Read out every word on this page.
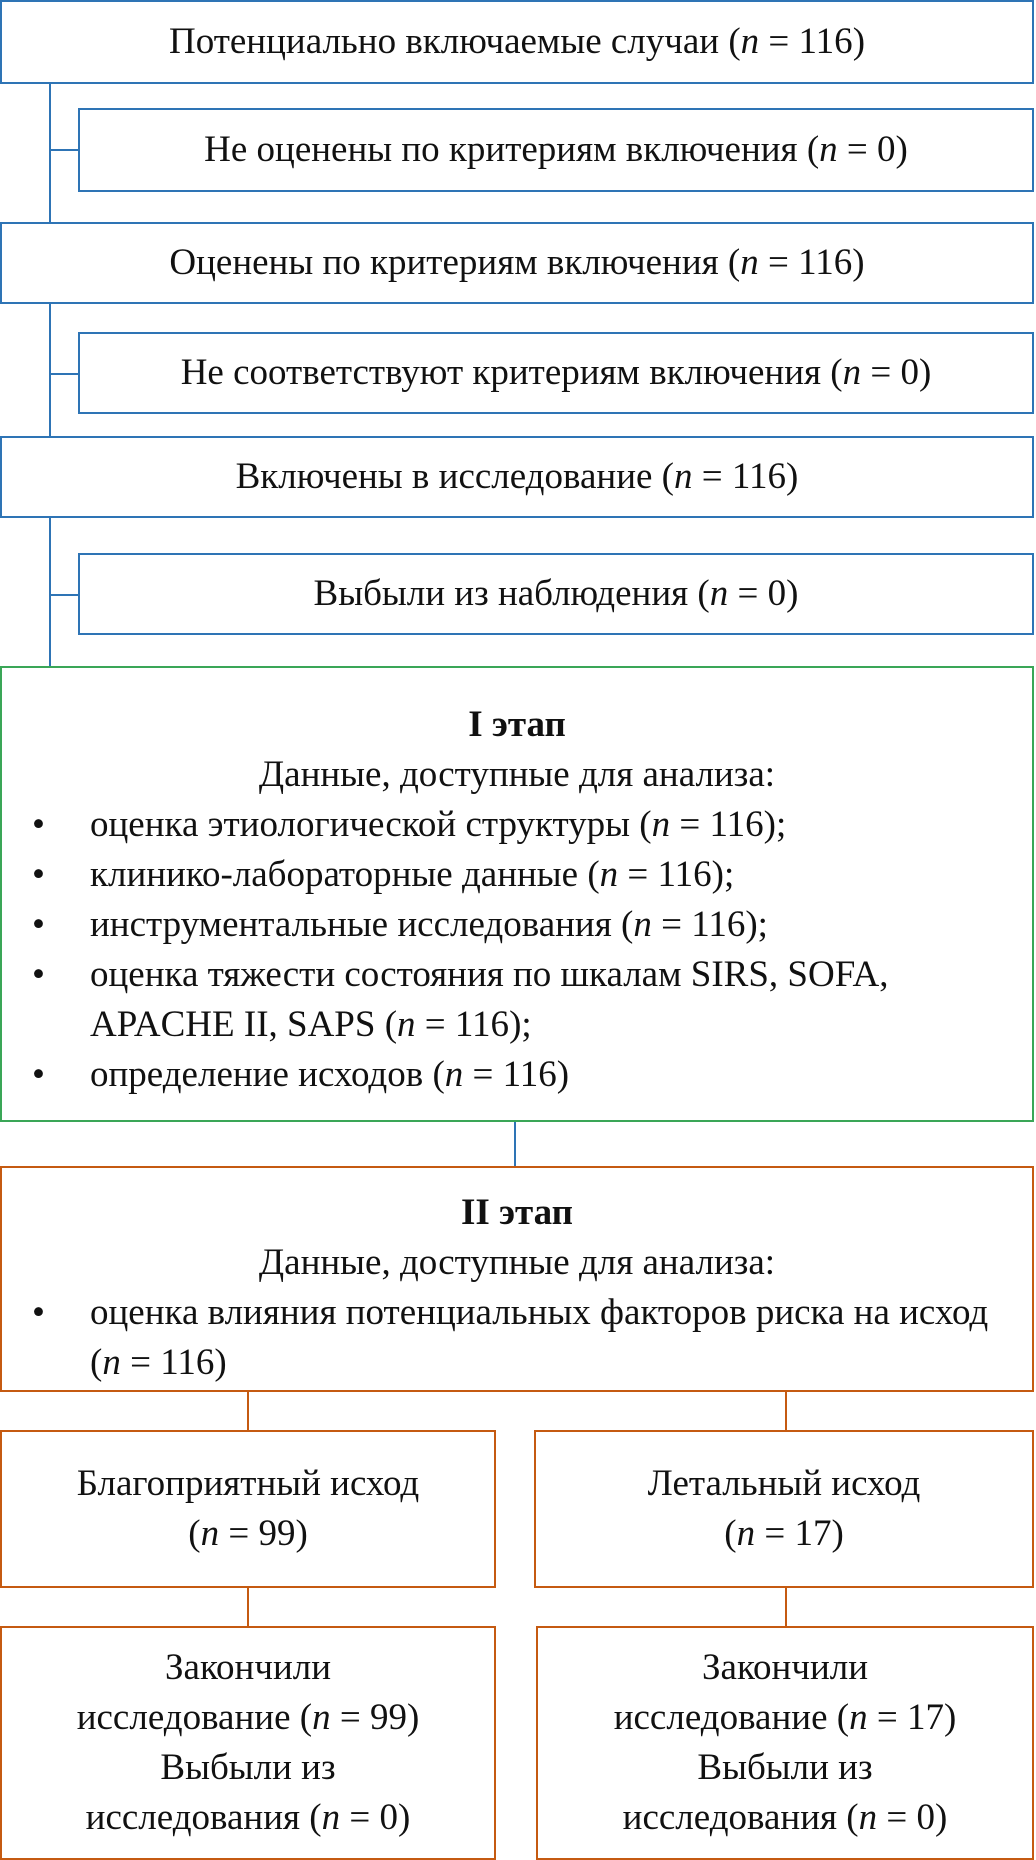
Потенциально включаемые случаи (n = 116)
Не оценены по критериям включения (n = 0)
Оценены по критериям включения (n = 116)
Не соответствуют критериям включения (n = 0)
Включены в исследование (n = 116)
Выбыли из наблюдения (n = 0)
I этап
Данные, доступные для анализа:
• оценка этиологической структуры (n = 116);
• клинико-лабораторные данные (n = 116);
• инструментальные исследования (n = 116);
• оценка тяжести состояния по шкалам SIRS, SOFA, APACHE II, SAPS (n = 116);
• определение исходов (n = 116)
II этап
Данные, доступные для анализа:
• оценка влияния потенциальных факторов риска на исход (n = 116)
Благоприятный исход
(n = 99)
Летальный исход
(n = 17)
Закончили
исследование (n = 99)
Выбыли из
исследования (n = 0)
Закончили
исследование (n = 17)
Выбыли из
исследования (n = 0)
